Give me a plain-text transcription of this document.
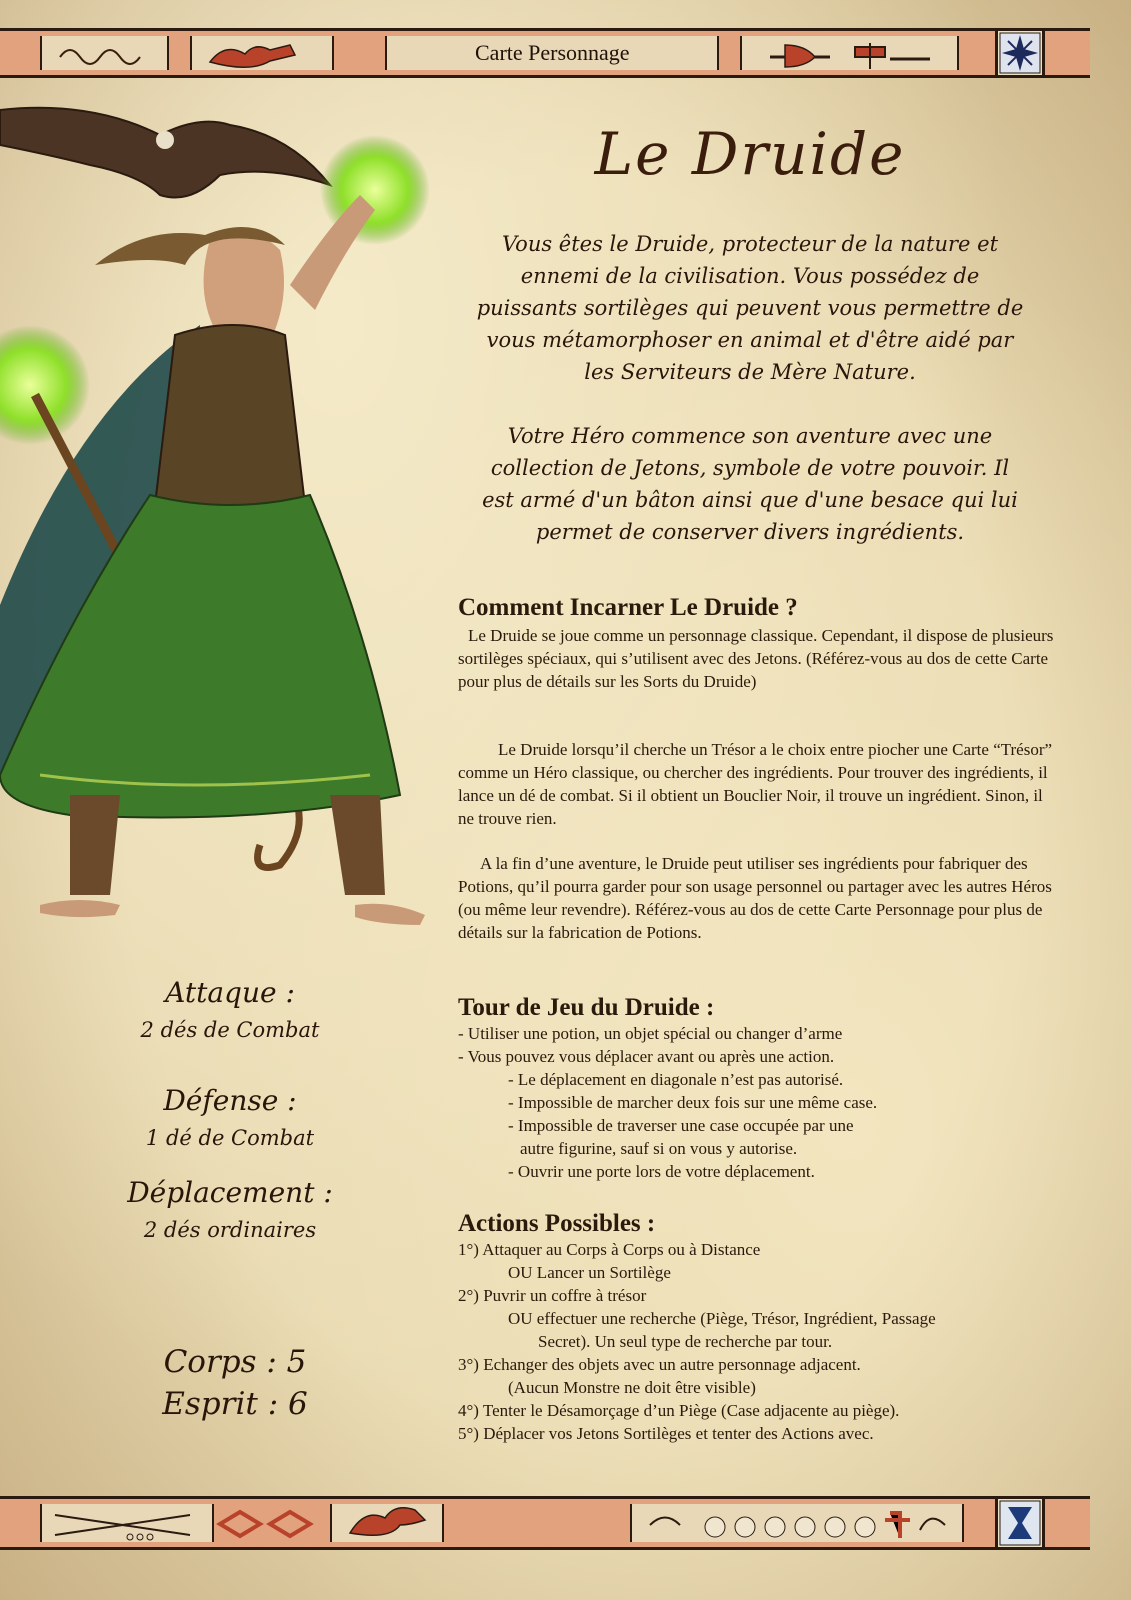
Carte Personnage
Le Druide
Vous êtes le Druide, protecteur de la nature et
ennemi de la civilisation. Vous possédez de
puissants sortilèges qui peuvent vous permettre de
vous métamorphoser en animal et d'être aidé par
les Serviteurs de Mère Nature.
Votre Héro commence son aventure avec une
collection de Jetons, symbole de votre pouvoir. Il
est armé d'un bâton ainsi que d'une besace qui lui
permet de conserver divers ingrédients.
Comment Incarner Le Druide ?
Le Druide se joue comme un personnage classique. Cependant, il dispose de plusieurs sortilèges spéciaux, qui s’utilisent avec des Jetons. (Référez-vous au dos de cette Carte pour plus de détails sur les Sorts du Druide)
Le Druide lorsqu’il cherche un Trésor a le choix entre piocher une Carte “Trésor” comme un Héro classique, ou chercher des ingrédients. Pour trouver des ingrédients, il lance un dé de combat. Si il obtient un Bouclier Noir, il trouve un ingrédient. Sinon, il ne trouve rien.
A la fin d’une aventure, le Druide peut utiliser ses ingrédients pour fabriquer des Potions, qu’il pourra garder pour son usage personnel ou partager avec les autres Héros (ou même leur revendre). Référez-vous au dos de cette Carte Personnage pour plus de détails sur la fabrication de Potions.
Tour de Jeu du Druide :
- Utiliser une potion, un objet spécial ou changer d’arme
- Vous pouvez vous déplacer avant ou après une action.
- Le déplacement en diagonale n’est pas autorisé.
- Impossible de marcher deux fois sur une même case.
- Impossible de traverser une case occupée par une
autre figurine, sauf si on vous y autorise.
- Ouvrir une porte lors de votre déplacement.
Actions Possibles :
1°) Attaquer au Corps à Corps ou à Distance
OU Lancer un Sortilège
2°) Puvrir un coffre à trésor
OU effectuer une recherche (Piège, Trésor, Ingrédient, Passage
Secret). Un seul type de recherche par tour.
3°) Echanger des objets avec un autre personnage adjacent.
(Aucun Monstre ne doit être visible)
4°) Tenter le Désamorçage d’un Piège (Case adjacente au piège).
5°) Déplacer vos Jetons Sortilèges et tenter des Actions avec.
Attaque :
2 dés de Combat
Défense :
1 dé de Combat
Déplacement :
2 dés ordinaires
Corps : 5
Esprit : 6
